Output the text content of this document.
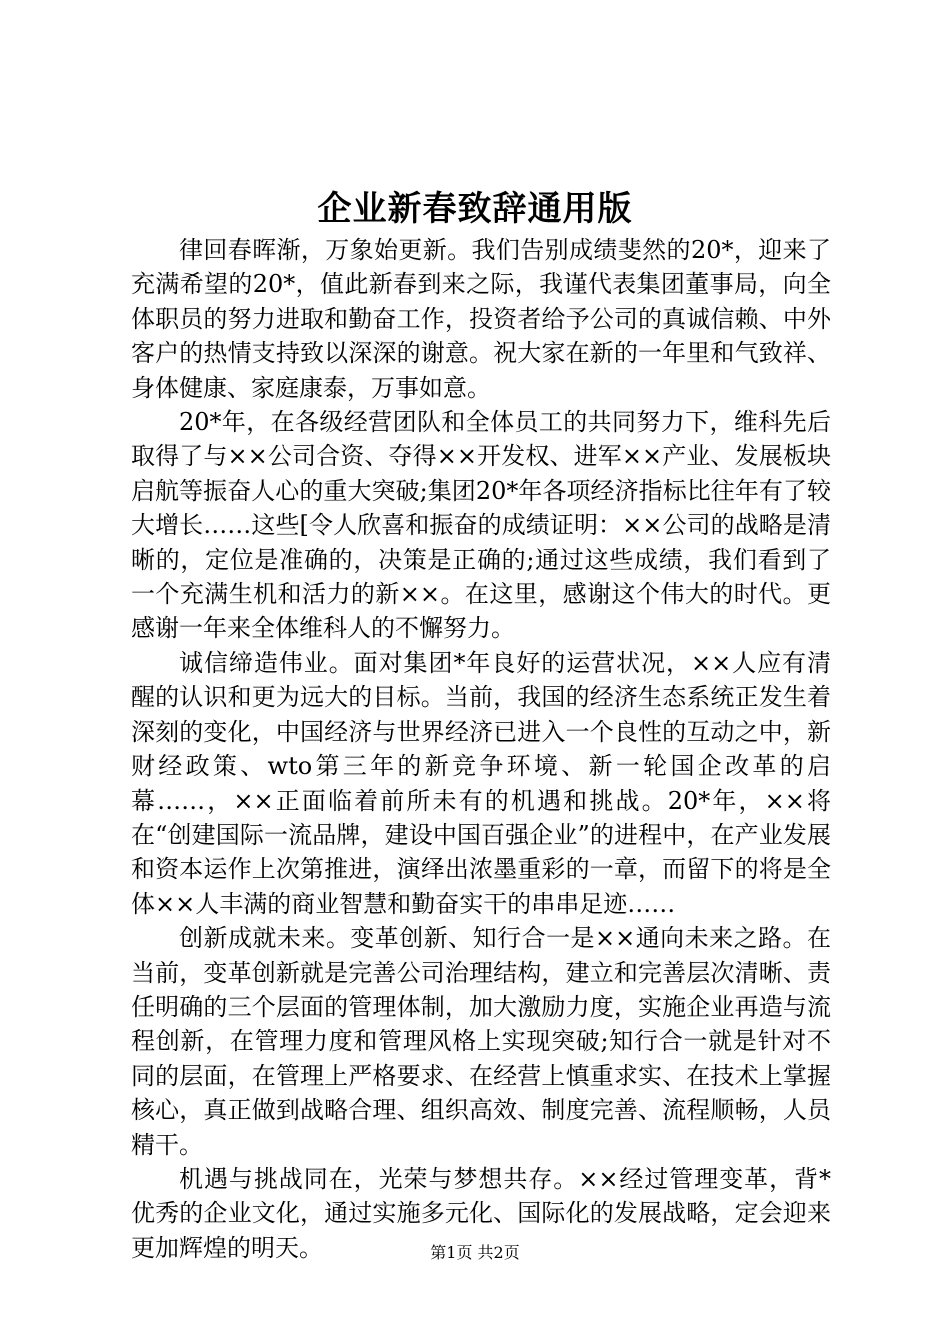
企业新春致辞通用版

律回春晖渐，万象始更新。我们告别成绩斐然的20*，迎来了充满希望的20*，值此新春到来之际，我谨代表集团董事局，向全体职员的努力进取和勤奋工作，投资者给予公司的真诚信赖、中外客户的热情支持致以深深的谢意。祝大家在新的一年里和气致祥、身体健康、家庭康泰，万事如意。

20*年，在各级经营团队和全体员工的共同努力下，维科先后取得了与××公司合资、夺得××开发权、进军××产业、发展板块启航等振奋人心的重大突破;集团20*年各项经济指标比往年有了较大增长……这些[令人欣喜和振奋的成绩证明：××公司的战略是清晰的，定位是准确的，决策是正确的;通过这些成绩，我们看到了一个充满生机和活力的新××。在这里，感谢这个伟大的时代。更感谢一年来全体维科人的不懈努力。

诚信缔造伟业。面对集团*年良好的运营状况，××人应有清醒的认识和更为远大的目标。当前，我国的经济生态系统正发生着深刻的变化，中国经济与世界经济已进入一个良性的互动之中，新财经政策、wto第三年的新竞争环境、新一轮国企改革的启幕……，××正面临着前所未有的机遇和挑战。20*年，××将在“创建国际一流品牌，建设中国百强企业”的进程中，在产业发展和资本运作上次第推进，演绎出浓墨重彩的一章，而留下的将是全体××人丰满的商业智慧和勤奋实干的串串足迹……

创新成就未来。变革创新、知行合一是××通向未来之路。在当前，变革创新就是完善公司治理结构，建立和完善层次清晰、责任明确的三个层面的管理体制，加大激励力度，实施企业再造与流程创新，在管理力度和管理风格上实现突破;知行合一就是针对不同的层面，在管理上严格要求、在经营上慎重求实、在技术上掌握核心，真正做到战略合理、组织高效、制度完善、流程顺畅，人员精干。

机遇与挑战同在，光荣与梦想共存。××经过管理变革，背*优秀的企业文化，通过实施多元化、国际化的发展战略，定会迎来更加辉煌的明天。	第1页 共2页
